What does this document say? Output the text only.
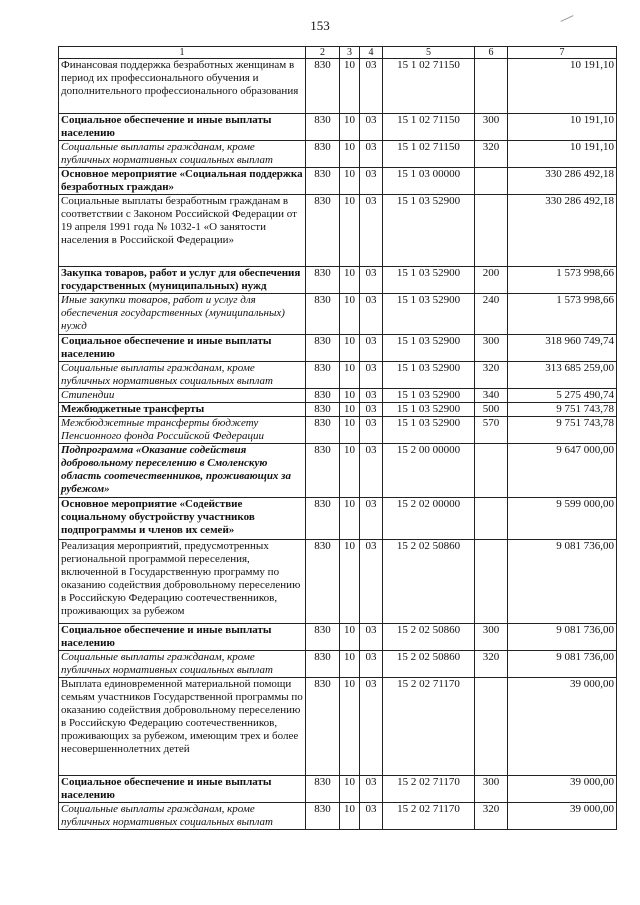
153
1	2	3	4	5	6	7
Финансовая поддержка безработных женщинам в период их профессионального обучения и дополнительного профессионального образования	830	10	03	15 1 02 71150		10 191,10
Социальное обеспечение и иные выплаты населению	830	10	03	15 1 02 71150	300	10 191,10
Социальные выплаты гражданам, кроме публичных нормативных социальных выплат	830	10	03	15 1 02 71150	320	10 191,10
Основное мероприятие «Социальная поддержка безработных граждан»	830	10	03	15 1 03 00000		330 286 492,18
Социальные выплаты безработным гражданам в соответствии с Законом Российской Федерации от 19 апреля 1991 года № 1032-1 «О занятости населения в Российской Федерации»	830	10	03	15 1 03 52900		330 286 492,18
Закупка товаров, работ и услуг для обеспечения государственных (муниципальных) нужд	830	10	03	15 1 03 52900	200	1 573 998,66
Иные закупки товаров, работ и услуг для обеспечения государственных (муниципальных) нужд	830	10	03	15 1 03 52900	240	1 573 998,66
Социальное обеспечение и иные выплаты населению	830	10	03	15 1 03 52900	300	318 960 749,74
Социальные выплаты гражданам, кроме публичных нормативных социальных выплат	830	10	03	15 1 03 52900	320	313 685 259,00
Стипендии	830	10	03	15 1 03 52900	340	5 275 490,74
Межбюджетные трансферты	830	10	03	15 1 03 52900	500	9 751 743,78
Межбюджетные трансферты бюджету Пенсионного фонда Российской Федерации	830	10	03	15 1 03 52900	570	9 751 743,78
Подпрограмма «Оказание содействия добровольному переселению в Смоленскую область соотечественников, проживающих за рубежом»	830	10	03	15 2 00 00000		9 647 000,00
Основное мероприятие «Содействие социальному обустройству участников подпрограммы и членов их семей»	830	10	03	15 2 02 00000		9 599 000,00
Реализация мероприятий, предусмотренных региональной программой переселения, включенной в Государственную программу по оказанию содействия добровольному переселению в Российскую Федерацию соотечественников, проживающих за рубежом	830	10	03	15 2 02 50860		9 081 736,00
Социальное обеспечение и иные выплаты населению	830	10	03	15 2 02 50860	300	9 081 736,00
Социальные выплаты гражданам, кроме публичных нормативных социальных выплат	830	10	03	15 2 02 50860	320	9 081 736,00
Выплата единовременной материальной помощи семьям участников Государственной программы по оказанию содействия добровольному переселению в Российскую Федерацию соотечественников, проживающих за рубежом, имеющим трех и более несовершеннолетних детей	830	10	03	15 2 02 71170		39 000,00
Социальное обеспечение и иные выплаты населению	830	10	03	15 2 02 71170	300	39 000,00
Социальные выплаты гражданам, кроме публичных нормативных социальных выплат	830	10	03	15 2 02 71170	320	39 000,00
